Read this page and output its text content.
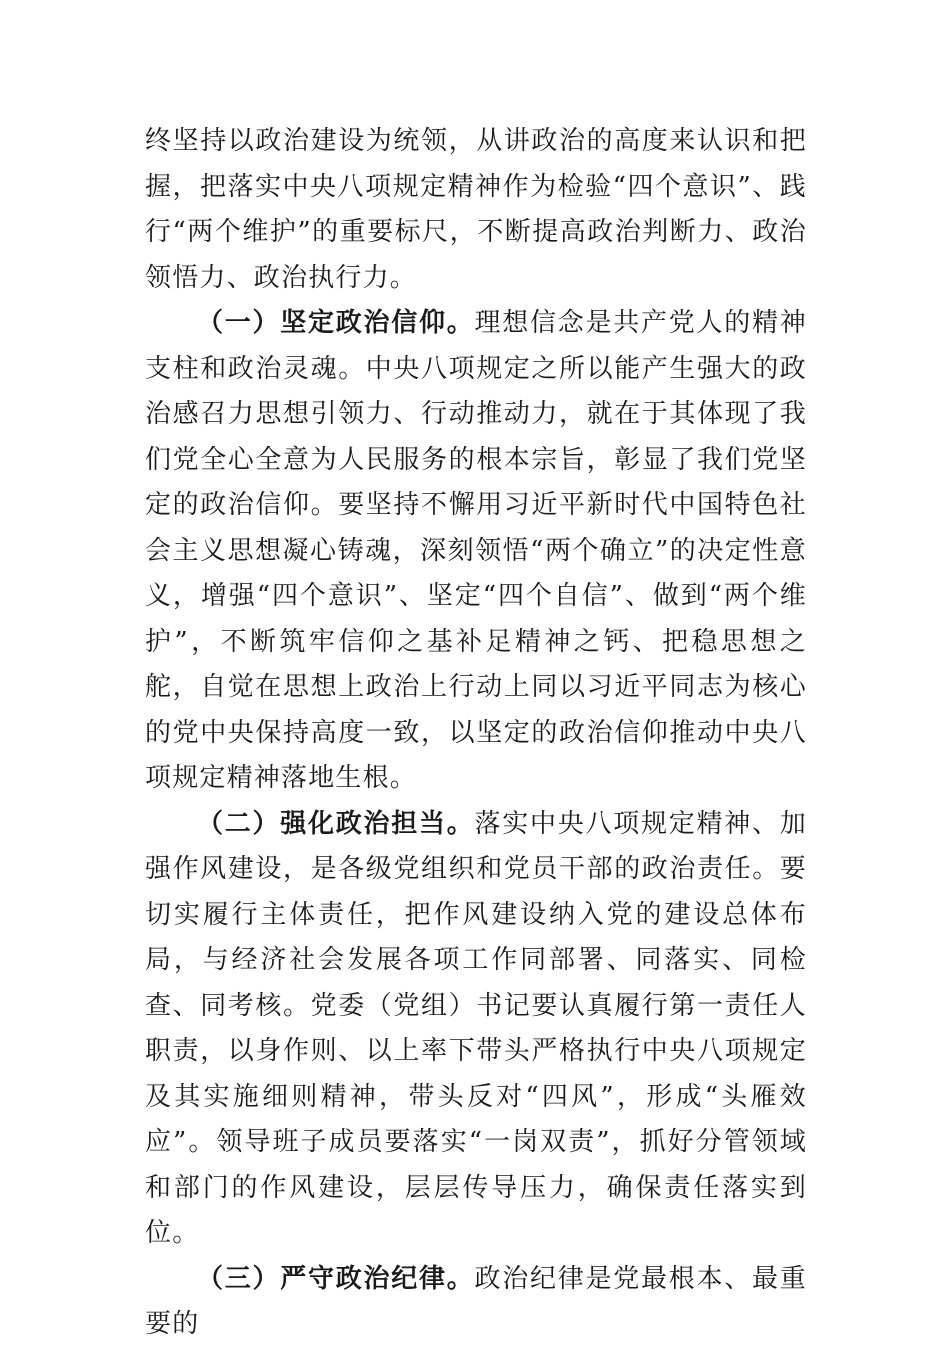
终坚持以政治建设为统领，从讲政治的高度来认识和把握，把落实中央八项规定精神作为检验“四个意识”、践行“两个维护”的重要标尺，不断提高政治判断力、政治领悟力、政治执行力。

（一）坚定政治信仰。理想信念是共产党人的精神支柱和政治灵魂。中央八项规定之所以能产生强大的政治感召力思想引领力、行动推动力，就在于其体现了我们党全心全意为人民服务的根本宗旨，彰显了我们党坚定的政治信仰。要坚持不懈用习近平新时代中国特色社会主义思想凝心铸魂，深刻领悟“两个确立”的决定性意义，增强“四个意识”、坚定“四个自信”、做到“两个维护”，不断筑牢信仰之基补足精神之钙、把稳思想之舵，自觉在思想上政治上行动上同以习近平同志为核心的党中央保持高度一致，以坚定的政治信仰推动中央八项规定精神落地生根。

（二）强化政治担当。落实中央八项规定精神、加强作风建设，是各级党组织和党员干部的政治责任。要切实履行主体责任，把作风建设纳入党的建设总体布局，与经济社会发展各项工作同部署、同落实、同检查、同考核。党委（党组）书记要认真履行第一责任人职责，以身作则、以上率下带头严格执行中央八项规定及其实施细则精神，带头反对“四风”，形成“头雁效应”。领导班子成员要落实“一岗双责”，抓好分管领域和部门的作风建设，层层传导压力，确保责任落实到位。

（三）严守政治纪律。政治纪律是党最根本、最重要的
